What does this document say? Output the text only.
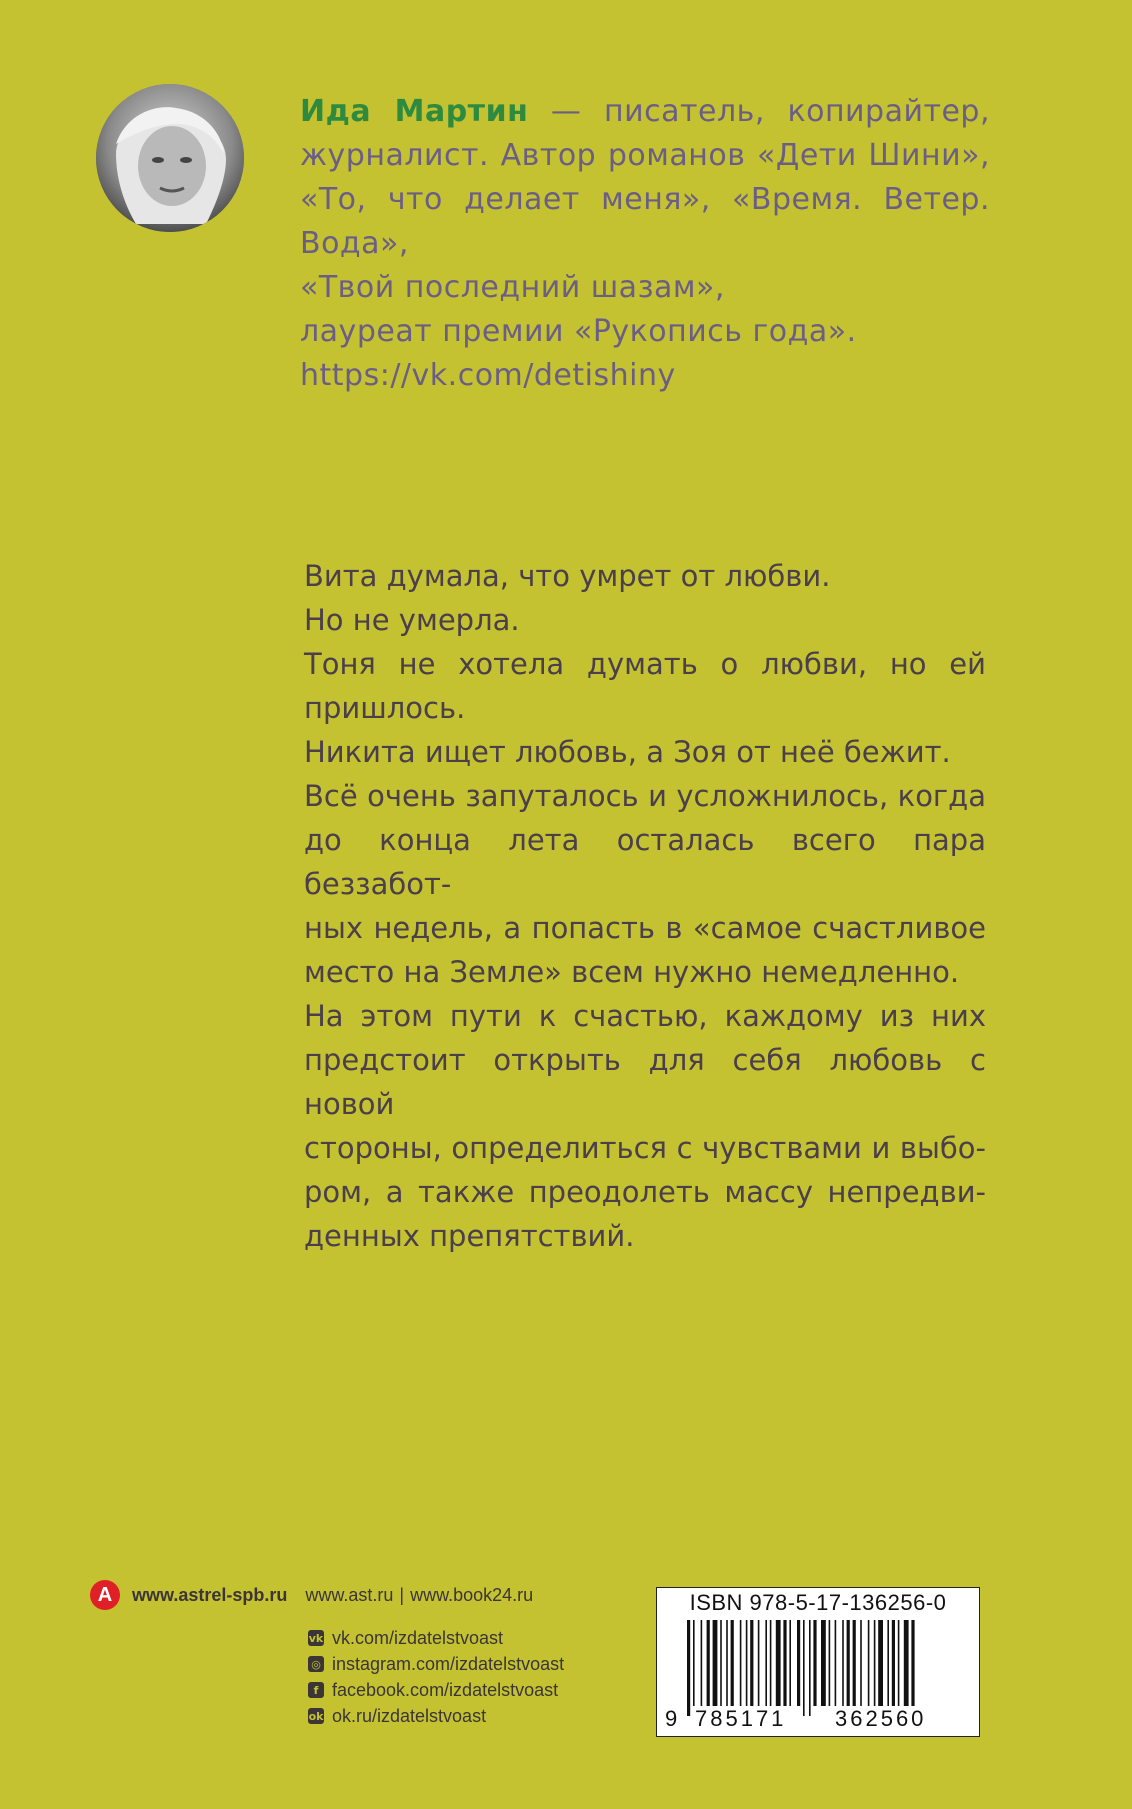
Ида Мартин — писатель, копирайтер,
журналист. Автор романов «Дети Шини»,
«То, что делает меня», «Время. Ветер. Вода»,
«Твой последний шазам»,
лауреат премии «Рукопись года».
https://vk.com/detishiny
Вита думала, что умрет от любви.
Но не умерла.
Тоня не хотела думать о любви, но ей пришлось.
Никита ищет любовь, а Зоя от неё бежит.
Всё очень запуталось и усложнилось, когда
до конца лета осталась всего пара беззабот-
ных недель, а попасть в «самое счастливое
место на Земле» всем нужно немедленно.
На этом пути к счастью, каждому из них
предстоит открыть для себя любовь с новой
стороны, определиться с чувствами и выбо-
ром, а также преодолеть массу непредви-
денных препятствий.
A	www.astrel-spb.ru www.ast.ru | www.book24.ru
vk vk.com/izdatelstvoast
◎ instagram.com/izdatelstvoast
f facebook.com/izdatelstvoast
ok ok.ru/izdatelstvoast
ISBN 978-5-17-136256-0
9 785171 362560
